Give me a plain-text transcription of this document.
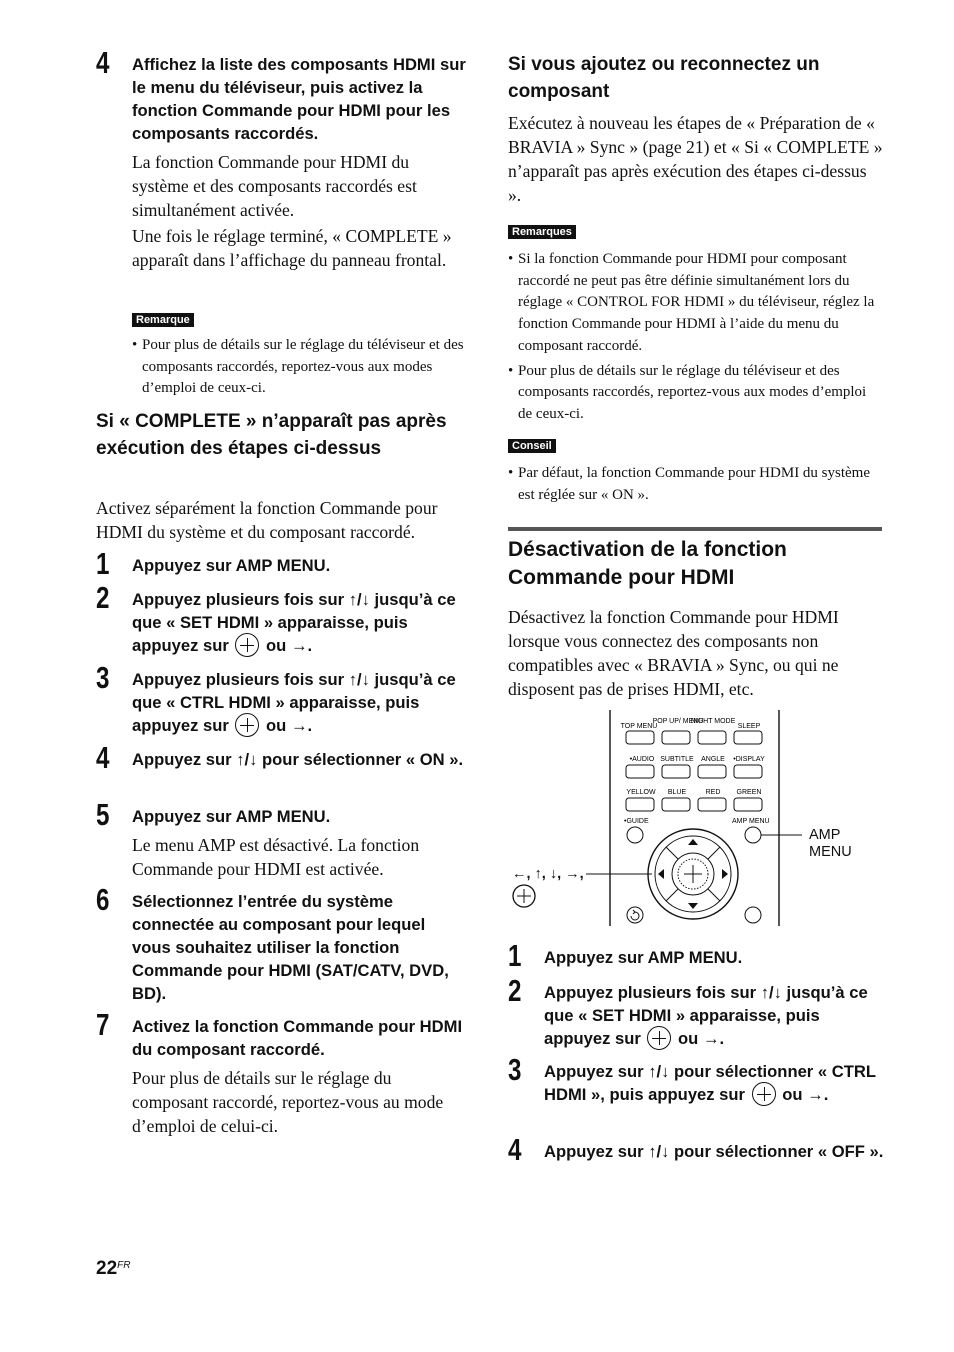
4 Affichez la liste des composants HDMI sur le menu du téléviseur, puis activez la fonction Commande pour HDMI pour les composants raccordés.

La fonction Commande pour HDMI du système et des composants raccordés est simultanément activée.

Une fois le réglage terminé, « COMPLETE » apparaît dans l’affichage du panneau frontal.

Remarque
• Pour plus de détails sur le réglage du téléviseur et des composants raccordés, reportez-vous aux modes d’emploi de ceux-ci.
Si « COMPLETE » n’apparaît pas après exécution des étapes ci-dessus
Activez séparément la fonction Commande pour HDMI du système et du composant raccordé.
1 Appuyez sur AMP MENU.
2 Appuyez plusieurs fois sur ↑/↓ jusqu’à ce que « SET HDMI » apparaisse, puis appuyez sur  ou →.
3 Appuyez plusieurs fois sur ↑/↓ jusqu’à ce que « CTRL HDMI » apparaisse, puis appuyez sur  ou →.
4 Appuyez sur ↑/↓ pour sélectionner « ON ».
5 Appuyez sur AMP MENU.
Le menu AMP est désactivé. La fonction Commande pour HDMI est activée.
6 Sélectionnez l’entrée du système connectée au composant pour lequel vous souhaitez utiliser la fonction Commande pour HDMI (SAT/CATV, DVD, BD).
7 Activez la fonction Commande pour HDMI du composant raccordé.
Pour plus de détails sur le réglage du composant raccordé, reportez-vous au mode d’emploi de celui-ci.
Si vous ajoutez ou reconnectez un composant
Exécutez à nouveau les étapes de « Préparation de « BRAVIA » Sync » (page 21) et « Si « COMPLETE » n’apparaît pas après exécution des étapes ci-dessus ».
Remarques
• Si la fonction Commande pour HDMI pour composant raccordé ne peut pas être définie simultanément lors du réglage « CONTROL FOR HDMI » du téléviseur, réglez la fonction Commande pour HDMI à l’aide du menu du composant raccordé.
• Pour plus de détails sur le réglage du téléviseur et des composants raccordés, reportez-vous aux modes d’emploi de ceux-ci.
Conseil
• Par défaut, la fonction Commande pour HDMI du système est réglée sur « ON ».
Désactivation de la fonction Commande pour HDMI
Désactivez la fonction Commande pour HDMI lorsque vous connectez des composants non compatibles avec « BRAVIA » Sync, ou qui ne disposent pas de prises HDMI, etc.
1 Appuyez sur AMP MENU.
2 Appuyez plusieurs fois sur ↑/↓ jusqu’à ce que « SET HDMI » apparaisse, puis appuyez sur  ou →.
3 Appuyez sur ↑/↓ pour sélectionner « CTRL HDMI », puis appuyez sur  ou →.
4 Appuyez sur ↑/↓ pour sélectionner « OFF ».
TOP MENU
POP UP/ MENU
NIGHT MODE
SLEEP
•AUDIO SUBTITLE ANGLE •DISPLAY
YELLOW BLUE	RED GREEN
•GUIDE	AMP MENU
AMP
MENU
←, ↑, ↓, →,
$22^{FR}$
